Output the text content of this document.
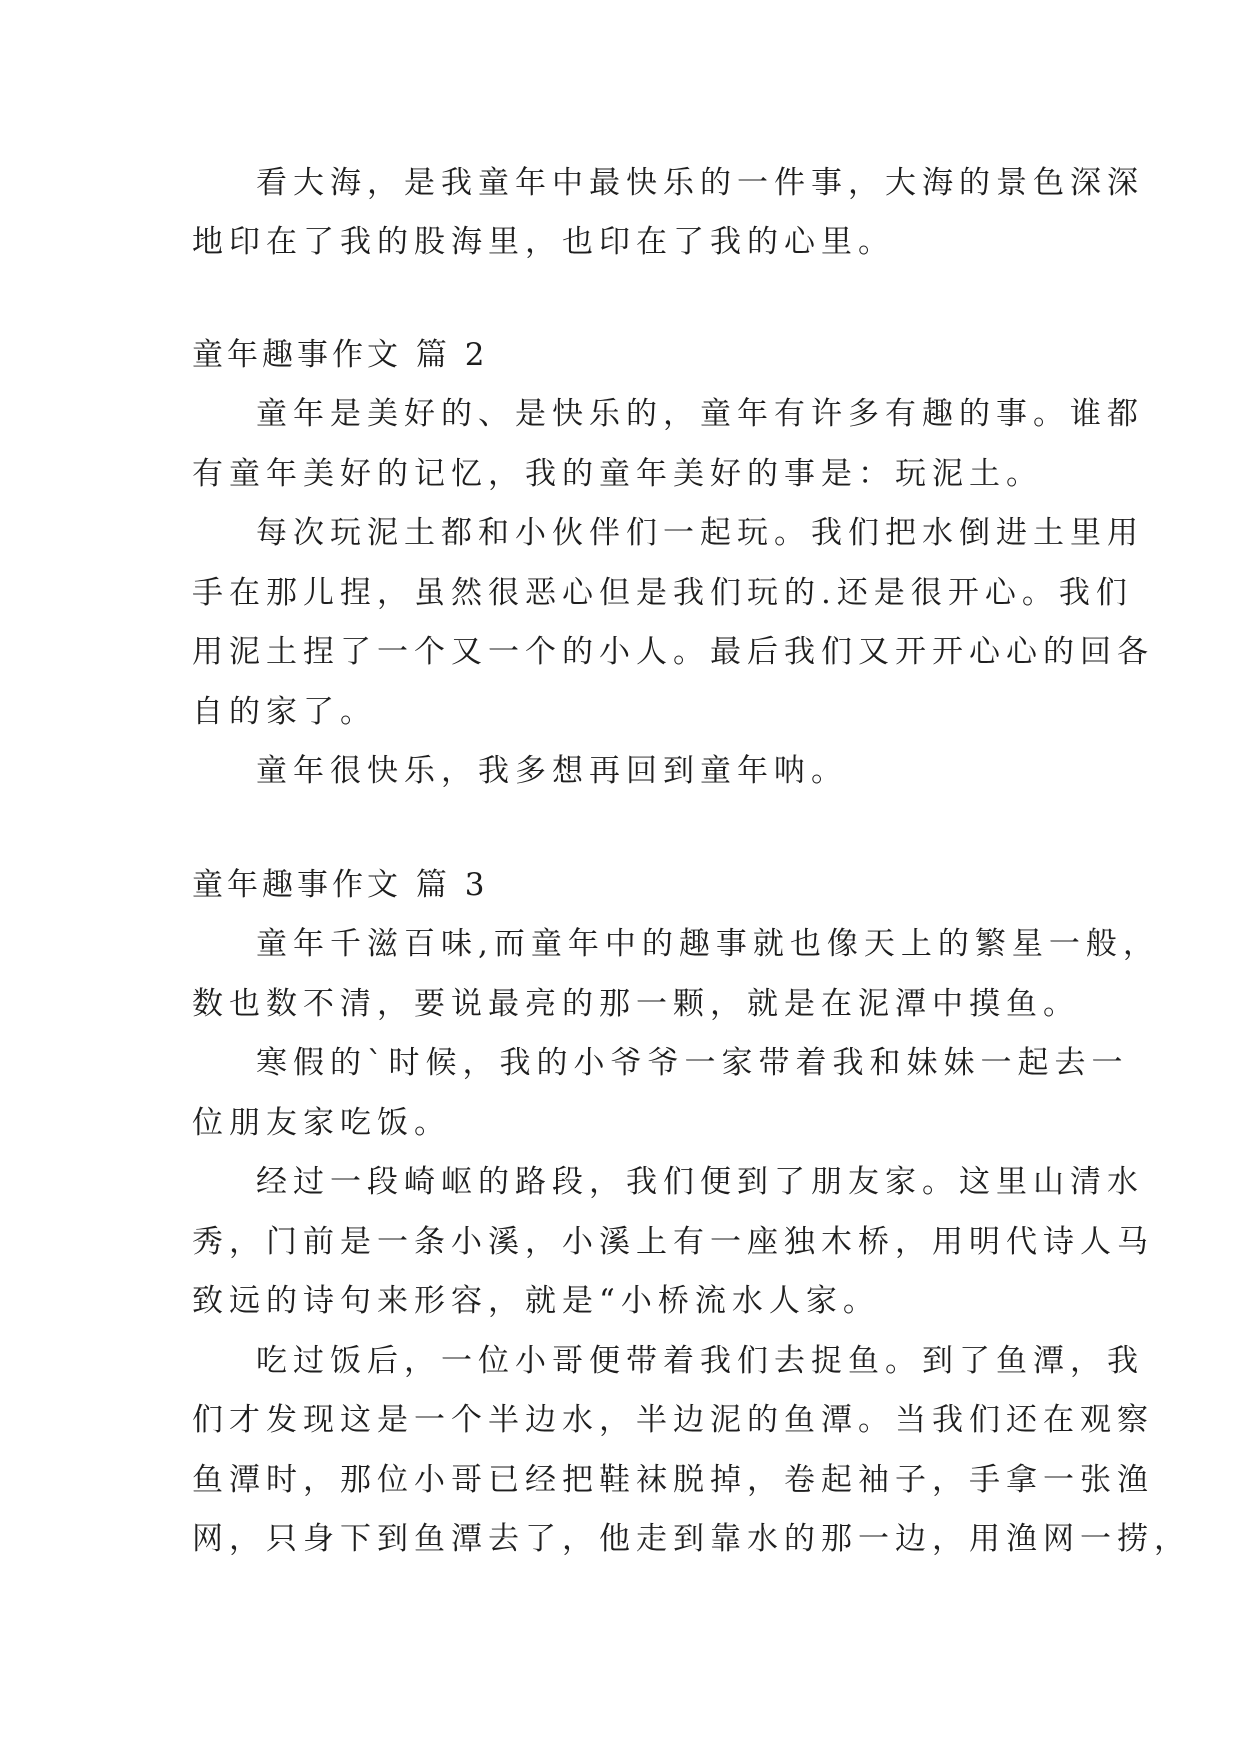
看大海，是我童年中最快乐的一件事，大海的景色深深
地印在了我的股海里，也印在了我的心里。
童年趣事作文 篇 2
童年是美好的、是快乐的，童年有许多有趣的事。谁都
有童年美好的记忆，我的童年美好的事是：玩泥土。
每次玩泥土都和小伙伴们一起玩。我们把水倒进土里用
手在那儿捏，虽然很恶心但是我们玩的.还是很开心。我们
用泥土捏了一个又一个的小人。最后我们又开开心心的回各
自的家了。
童年很快乐，我多想再回到童年呐。
童年趣事作文 篇 3
童年千滋百味,而童年中的趣事就也像天上的繁星一般，
数也数不清，要说最亮的那一颗，就是在泥潭中摸鱼。
寒假的`时候，我的小爷爷一家带着我和妹妹一起去一
位朋友家吃饭。
经过一段崎岖的路段，我们便到了朋友家。这里山清水
秀，门前是一条小溪，小溪上有一座独木桥，用明代诗人马
致远的诗句来形容，就是“小桥流水人家。
吃过饭后，一位小哥便带着我们去捉鱼。到了鱼潭，我
们才发现这是一个半边水，半边泥的鱼潭。当我们还在观察
鱼潭时，那位小哥已经把鞋袜脱掉，卷起袖子，手拿一张渔
网，只身下到鱼潭去了，他走到靠水的那一边，用渔网一捞，
